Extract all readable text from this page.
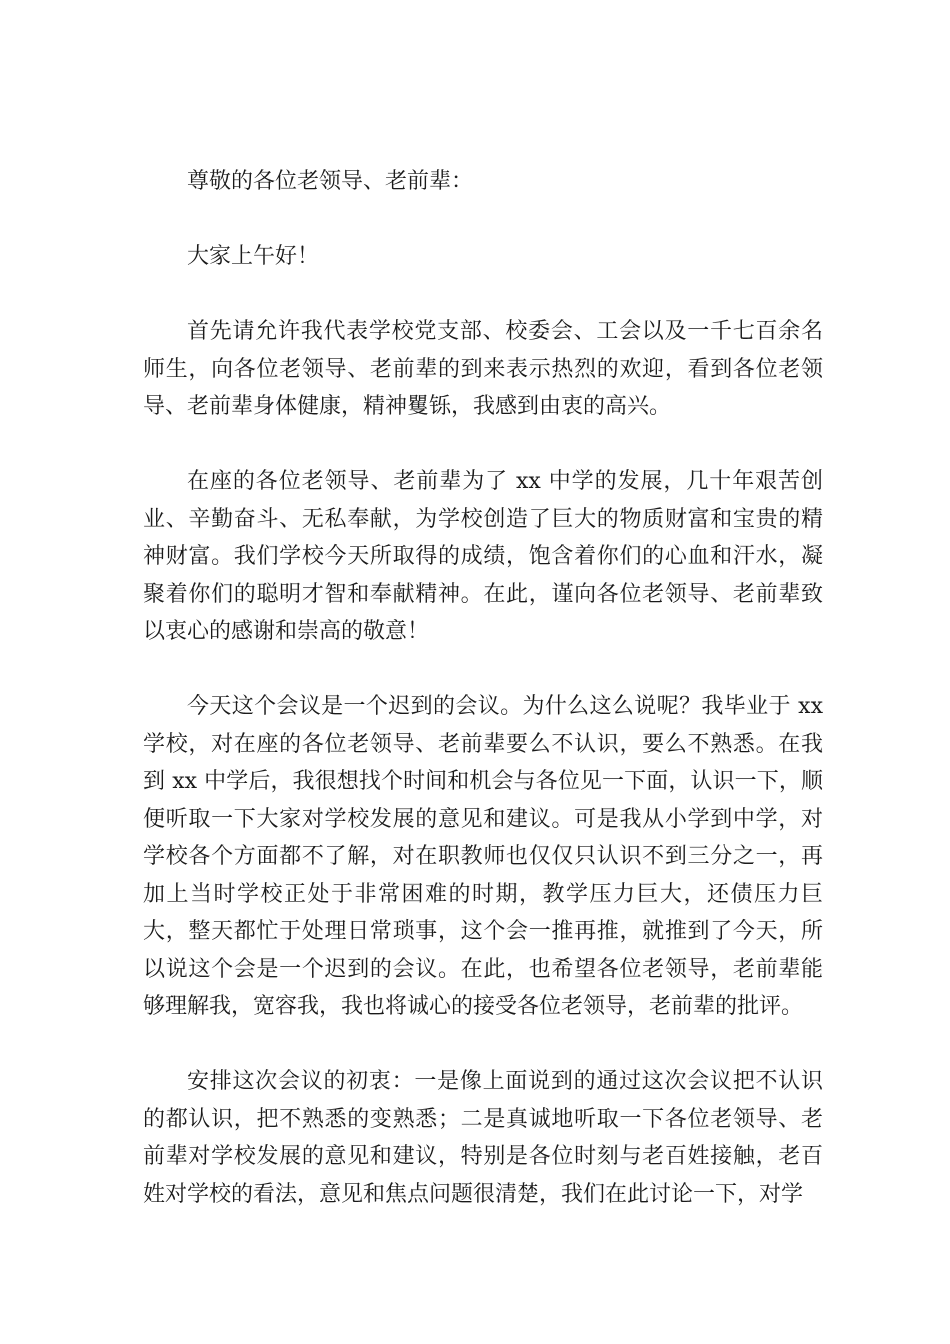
尊敬的各位老领导、老前辈：

大家上午好！

首先请允许我代表学校党支部、校委会、工会以及一千七百余名师生，向各位老领导、老前辈的到来表示热烈的欢迎，看到各位老领导、老前辈身体健康，精神矍铄，我感到由衷的高兴。

在座的各位老领导、老前辈为了 xx 中学的发展，几十年艰苦创业、辛勤奋斗、无私奉献，为学校创造了巨大的物质财富和宝贵的精神财富。我们学校今天所取得的成绩，饱含着你们的心血和汗水，凝聚着你们的聪明才智和奉献精神。在此，谨向各位老领导、老前辈致以衷心的感谢和崇高的敬意！

今天这个会议是一个迟到的会议。为什么这么说呢？我毕业于 xx 学校，对在座的各位老领导、老前辈要么不认识，要么不熟悉。在我到 xx 中学后，我很想找个时间和机会与各位见一下面，认识一下，顺便听取一下大家对学校发展的意见和建议。可是我从小学到中学，对学校各个方面都不了解，对在职教师也仅仅只认识不到三分之一，再加上当时学校正处于非常困难的时期，教学压力巨大，还债压力巨大，整天都忙于处理日常琐事，这个会一推再推，就推到了今天，所以说这个会是一个迟到的会议。在此，也希望各位老领导，老前辈能够理解我，宽容我，我也将诚心的接受各位老领导，老前辈的批评。

安排这次会议的初衷：一是像上面说到的通过这次会议把不认识的都认识，把不熟悉的变熟悉；二是真诚地听取一下各位老领导、老前辈对学校发展的意见和建议，特别是各位时刻与老百姓接触，老百姓对学校的看法，意见和焦点问题很清楚，我们在此讨论一下，对学
